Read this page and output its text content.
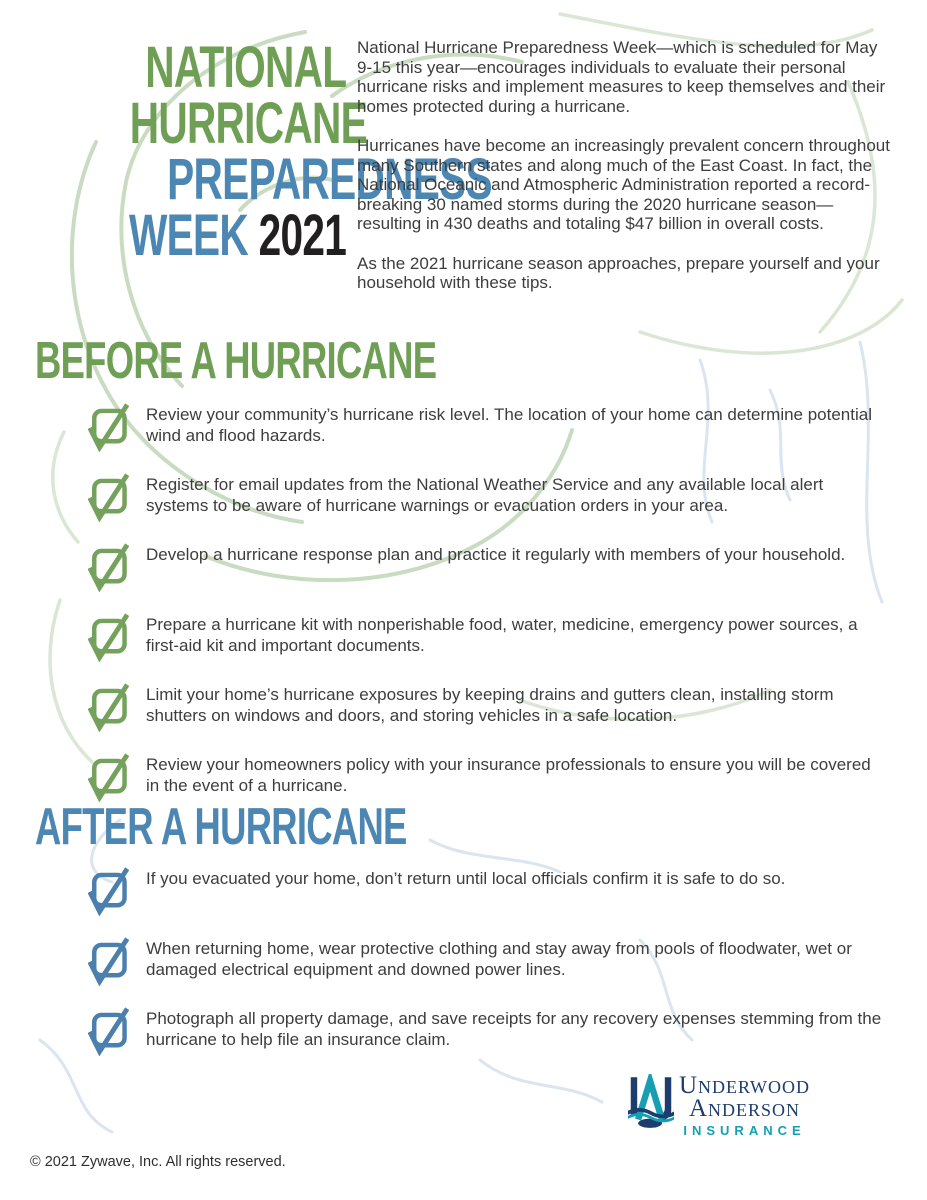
NATIONAL
HURRICANE
PREPAREDNESS
WEEK 2021

National Hurricane Preparedness Week—which is scheduled for May 9-15 this year—encourages individuals to evaluate their personal hurricane risks and implement measures to keep themselves and their homes protected during a hurricane.

Hurricanes have become an increasingly prevalent concern throughout many Southern states and along much of the East Coast. In fact, the National Oceanic and Atmospheric Administration reported a record-breaking 30 named storms during the 2020 hurricane season—resulting in 430 deaths and totaling $47 billion in overall costs.

As the 2021 hurricane season approaches, prepare yourself and your household with these tips.

BEFORE A HURRICANE

Review your community’s hurricane risk level. The location of your home can determine potential wind and flood hazards.

Register for email updates from the National Weather Service and any available local alert systems to be aware of hurricane warnings or evacuation orders in your area.

Develop a hurricane response plan and practice it regularly with members of your household.

Prepare a hurricane kit with nonperishable food, water, medicine, emergency power sources, a first-aid kit and important documents.

Limit your home’s hurricane exposures by keeping drains and gutters clean, installing storm shutters on windows and doors, and storing vehicles in a safe location.

Review your homeowners policy with your insurance professionals to ensure you will be covered in the event of a hurricane.

AFTER A HURRICANE

If you evacuated your home, don’t return until local officials confirm it is safe to do so.

When returning home, wear protective clothing and stay away from pools of floodwater, wet or damaged electrical equipment and downed power lines.

Photograph all property damage, and save receipts for any recovery expenses stemming from the hurricane to help file an insurance claim.

Underwood
Anderson
INSURANCE
© 2021 Zywave, Inc. All rights reserved.
